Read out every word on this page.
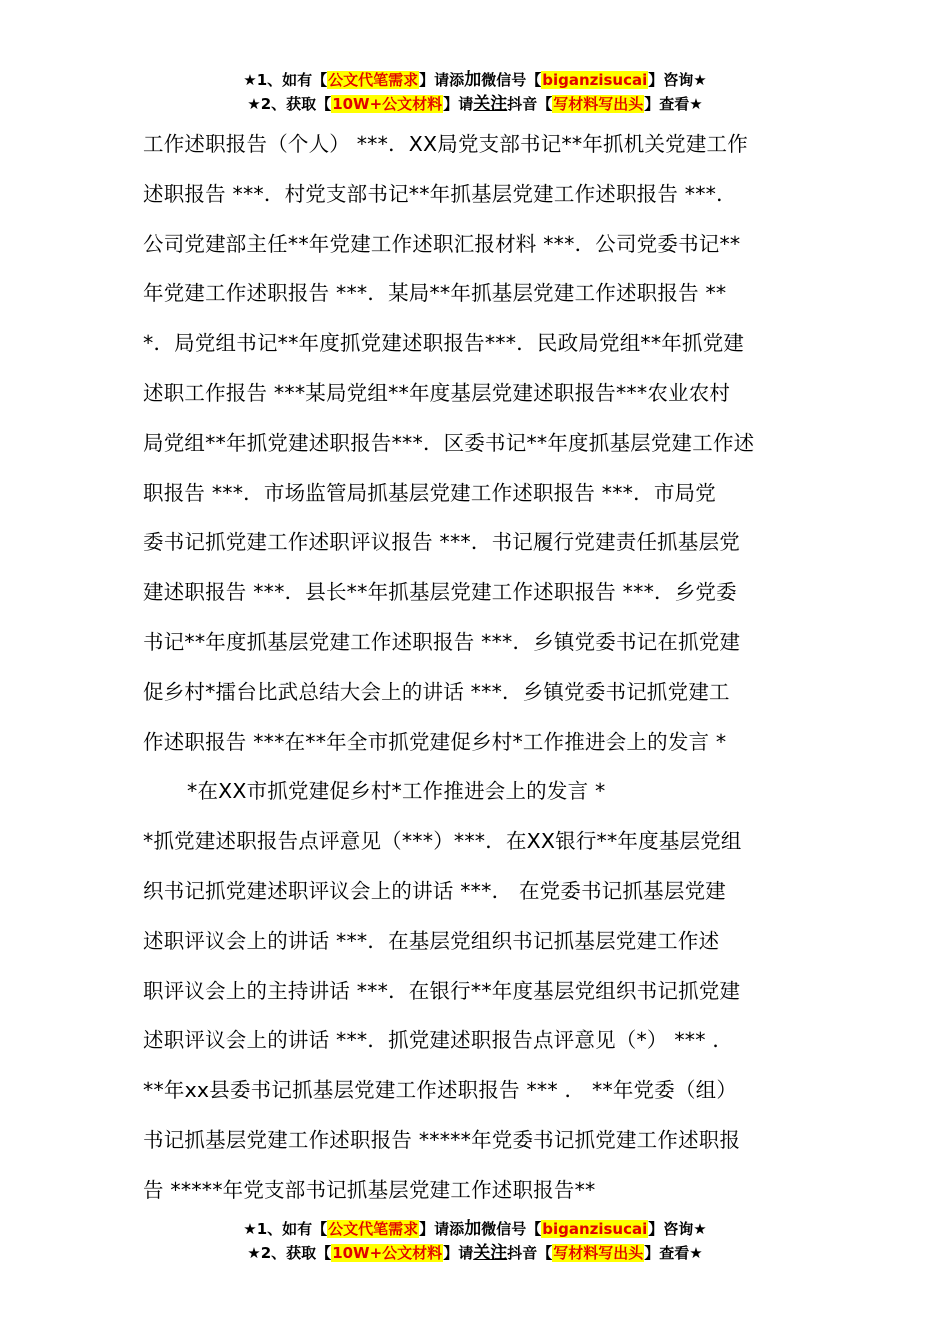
★1、如有【公文代笔需求】请添加微信号【biganzisucai】咨询★
★2、获取【10W+公文材料】请关注抖音【写材料写出头】查看★
工作述职报告（个人） ***．XX局党支部书记**年抓机关党建工作
述职报告 ***．村党支部书记**年抓基层党建工作述职报告 ***．
公司党建部主任**年党建工作述职汇报材料 ***．公司党委书记**
年党建工作述职报告 ***．某局**年抓基层党建工作述职报告 **
*．局党组书记**年度抓党建述职报告***．民政局党组**年抓党建
述职工作报告 ***某局党组**年度基层党建述职报告***农业农村
局党组**年抓党建述职报告***．区委书记**年度抓基层党建工作述
职报告 ***．市场监管局抓基层党建工作述职报告 ***．市局党
委书记抓党建工作述职评议报告 ***．书记履行党建责任抓基层党
建述职报告 ***．县长**年抓基层党建工作述职报告 ***．乡党委
书记**年度抓基层党建工作述职报告 ***．乡镇党委书记在抓党建
促乡村*擂台比武总结大会上的讲话 ***．乡镇党委书记抓党建工
作述职报告 ***在**年全市抓党建促乡村*工作推进会上的发言 *
*在XX市抓党建促乡村*工作推进会上的发言 *
*抓党建述职报告点评意见（***）***．在XX银行**年度基层党组
织书记抓党建述职评议会上的讲话 ***． 在党委书记抓基层党建
述职评议会上的讲话 ***．在基层党组织书记抓基层党建工作述
职评议会上的主持讲话 ***．在银行**年度基层党组织书记抓党建
述职评议会上的讲话 ***．抓党建述职报告点评意见（*） *** ．
**年xx县委书记抓基层党建工作述职报告 *** ． **年党委（组）
书记抓基层党建工作述职报告 *****年党委书记抓党建工作述职报
告 *****年党支部书记抓基层党建工作述职报告**
★1、如有【公文代笔需求】请添加微信号【biganzisucai】咨询★
★2、获取【10W+公文材料】请关注抖音【写材料写出头】查看★
